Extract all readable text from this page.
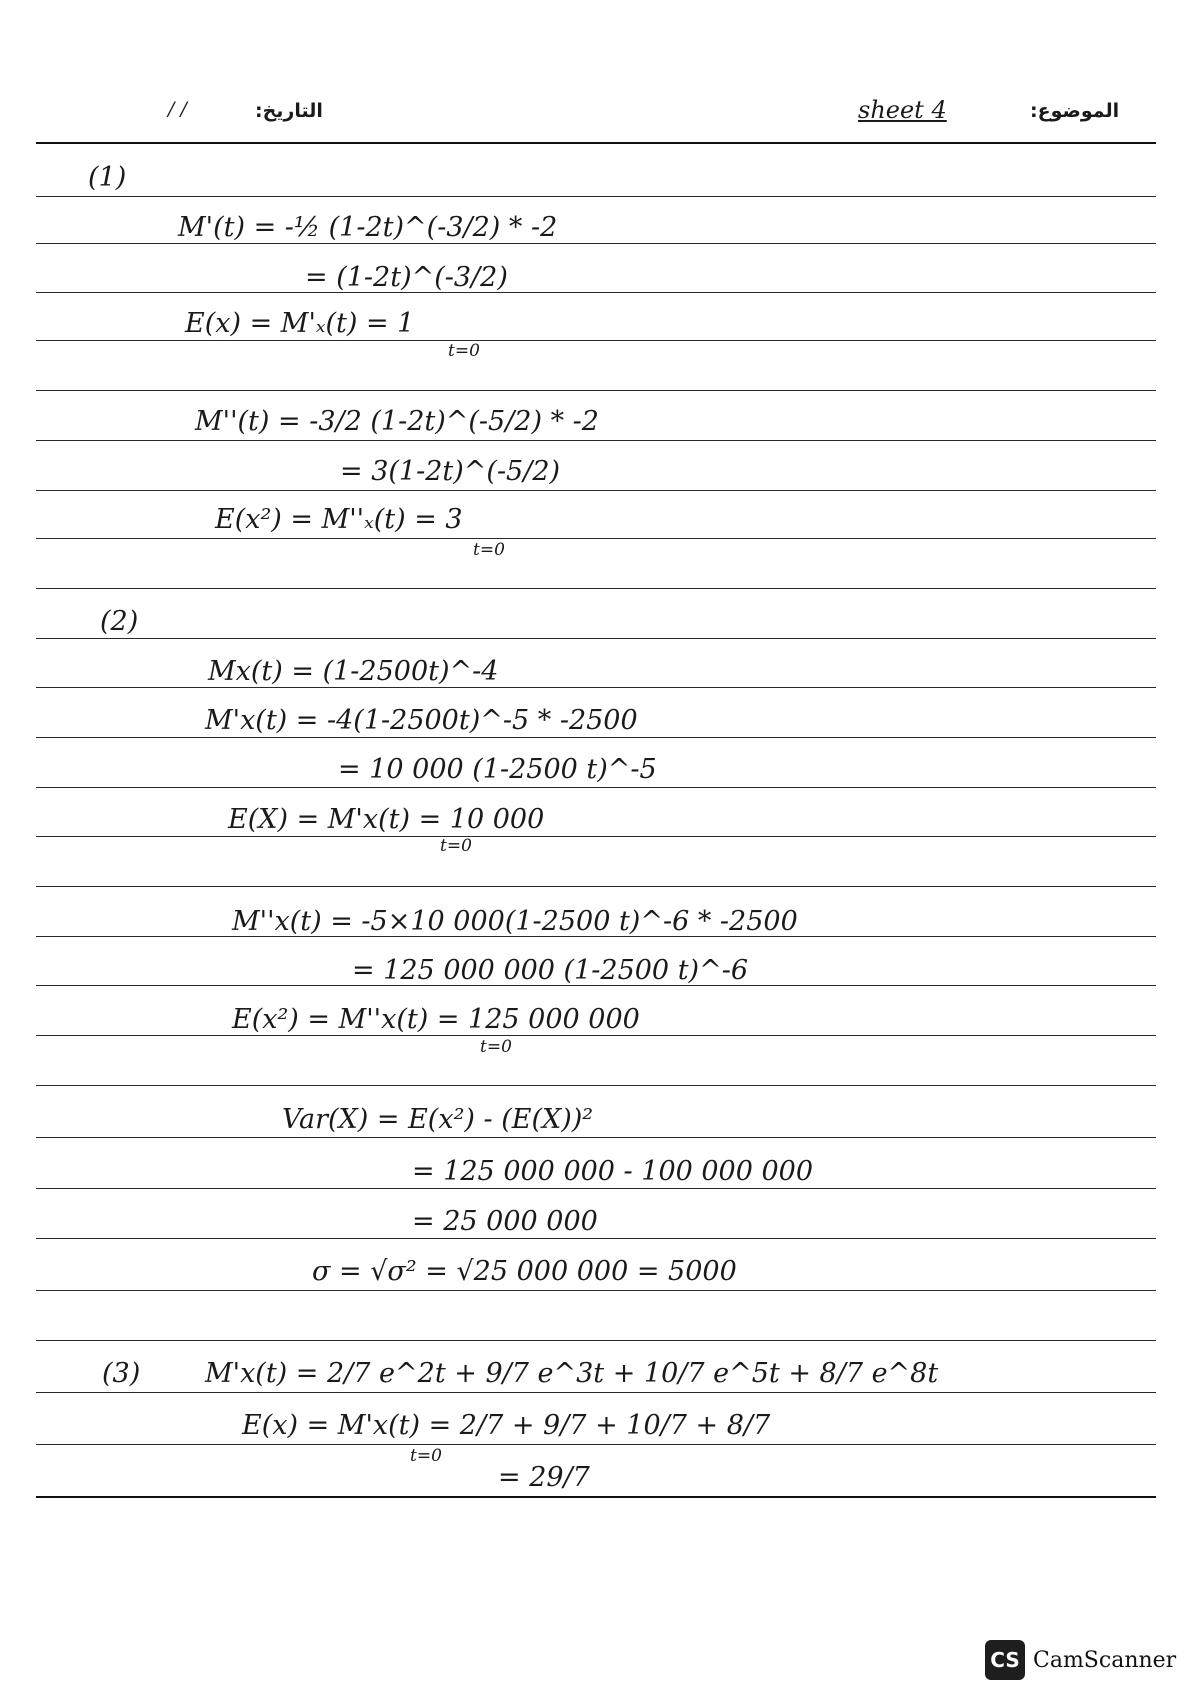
الموضوع:
sheet 4
التاريخ:
/ /
(1)
M'(t) = -½ (1-2t)^(-3/2) * -2
= (1-2t)^(-3/2)
E(x) = M'ₓ(t) = 1
t=0
M''(t) = -3/2 (1-2t)^(-5/2) * -2
= 3(1-2t)^(-5/2)
E(x²) = M''ₓ(t) = 3
t=0
(2)
Mx(t) = (1-2500t)^-4
M'x(t) = -4(1-2500t)^-5 * -2500
= 10 000 (1-2500 t)^-5
E(X) = M'x(t) = 10 000
t=0
M''x(t) = -5×10 000(1-2500 t)^-6 * -2500
= 125 000 000 (1-2500 t)^-6
E(x²) = M''x(t) = 125 000 000
t=0
Var(X) = E(x²) - (E(X))²
= 125 000 000 - 100 000 000
= 25 000 000
σ = √σ² = √25 000 000 = 5000
(3) M'x(t) = 2/7 e^2t + 9/7 e^3t + 10/7 e^5t + 8/7 e^8t
E(x) = M'x(t) = 2/7 + 9/7 + 10/7 + 8/7
t=0
= 29/7
CS CamScanner
